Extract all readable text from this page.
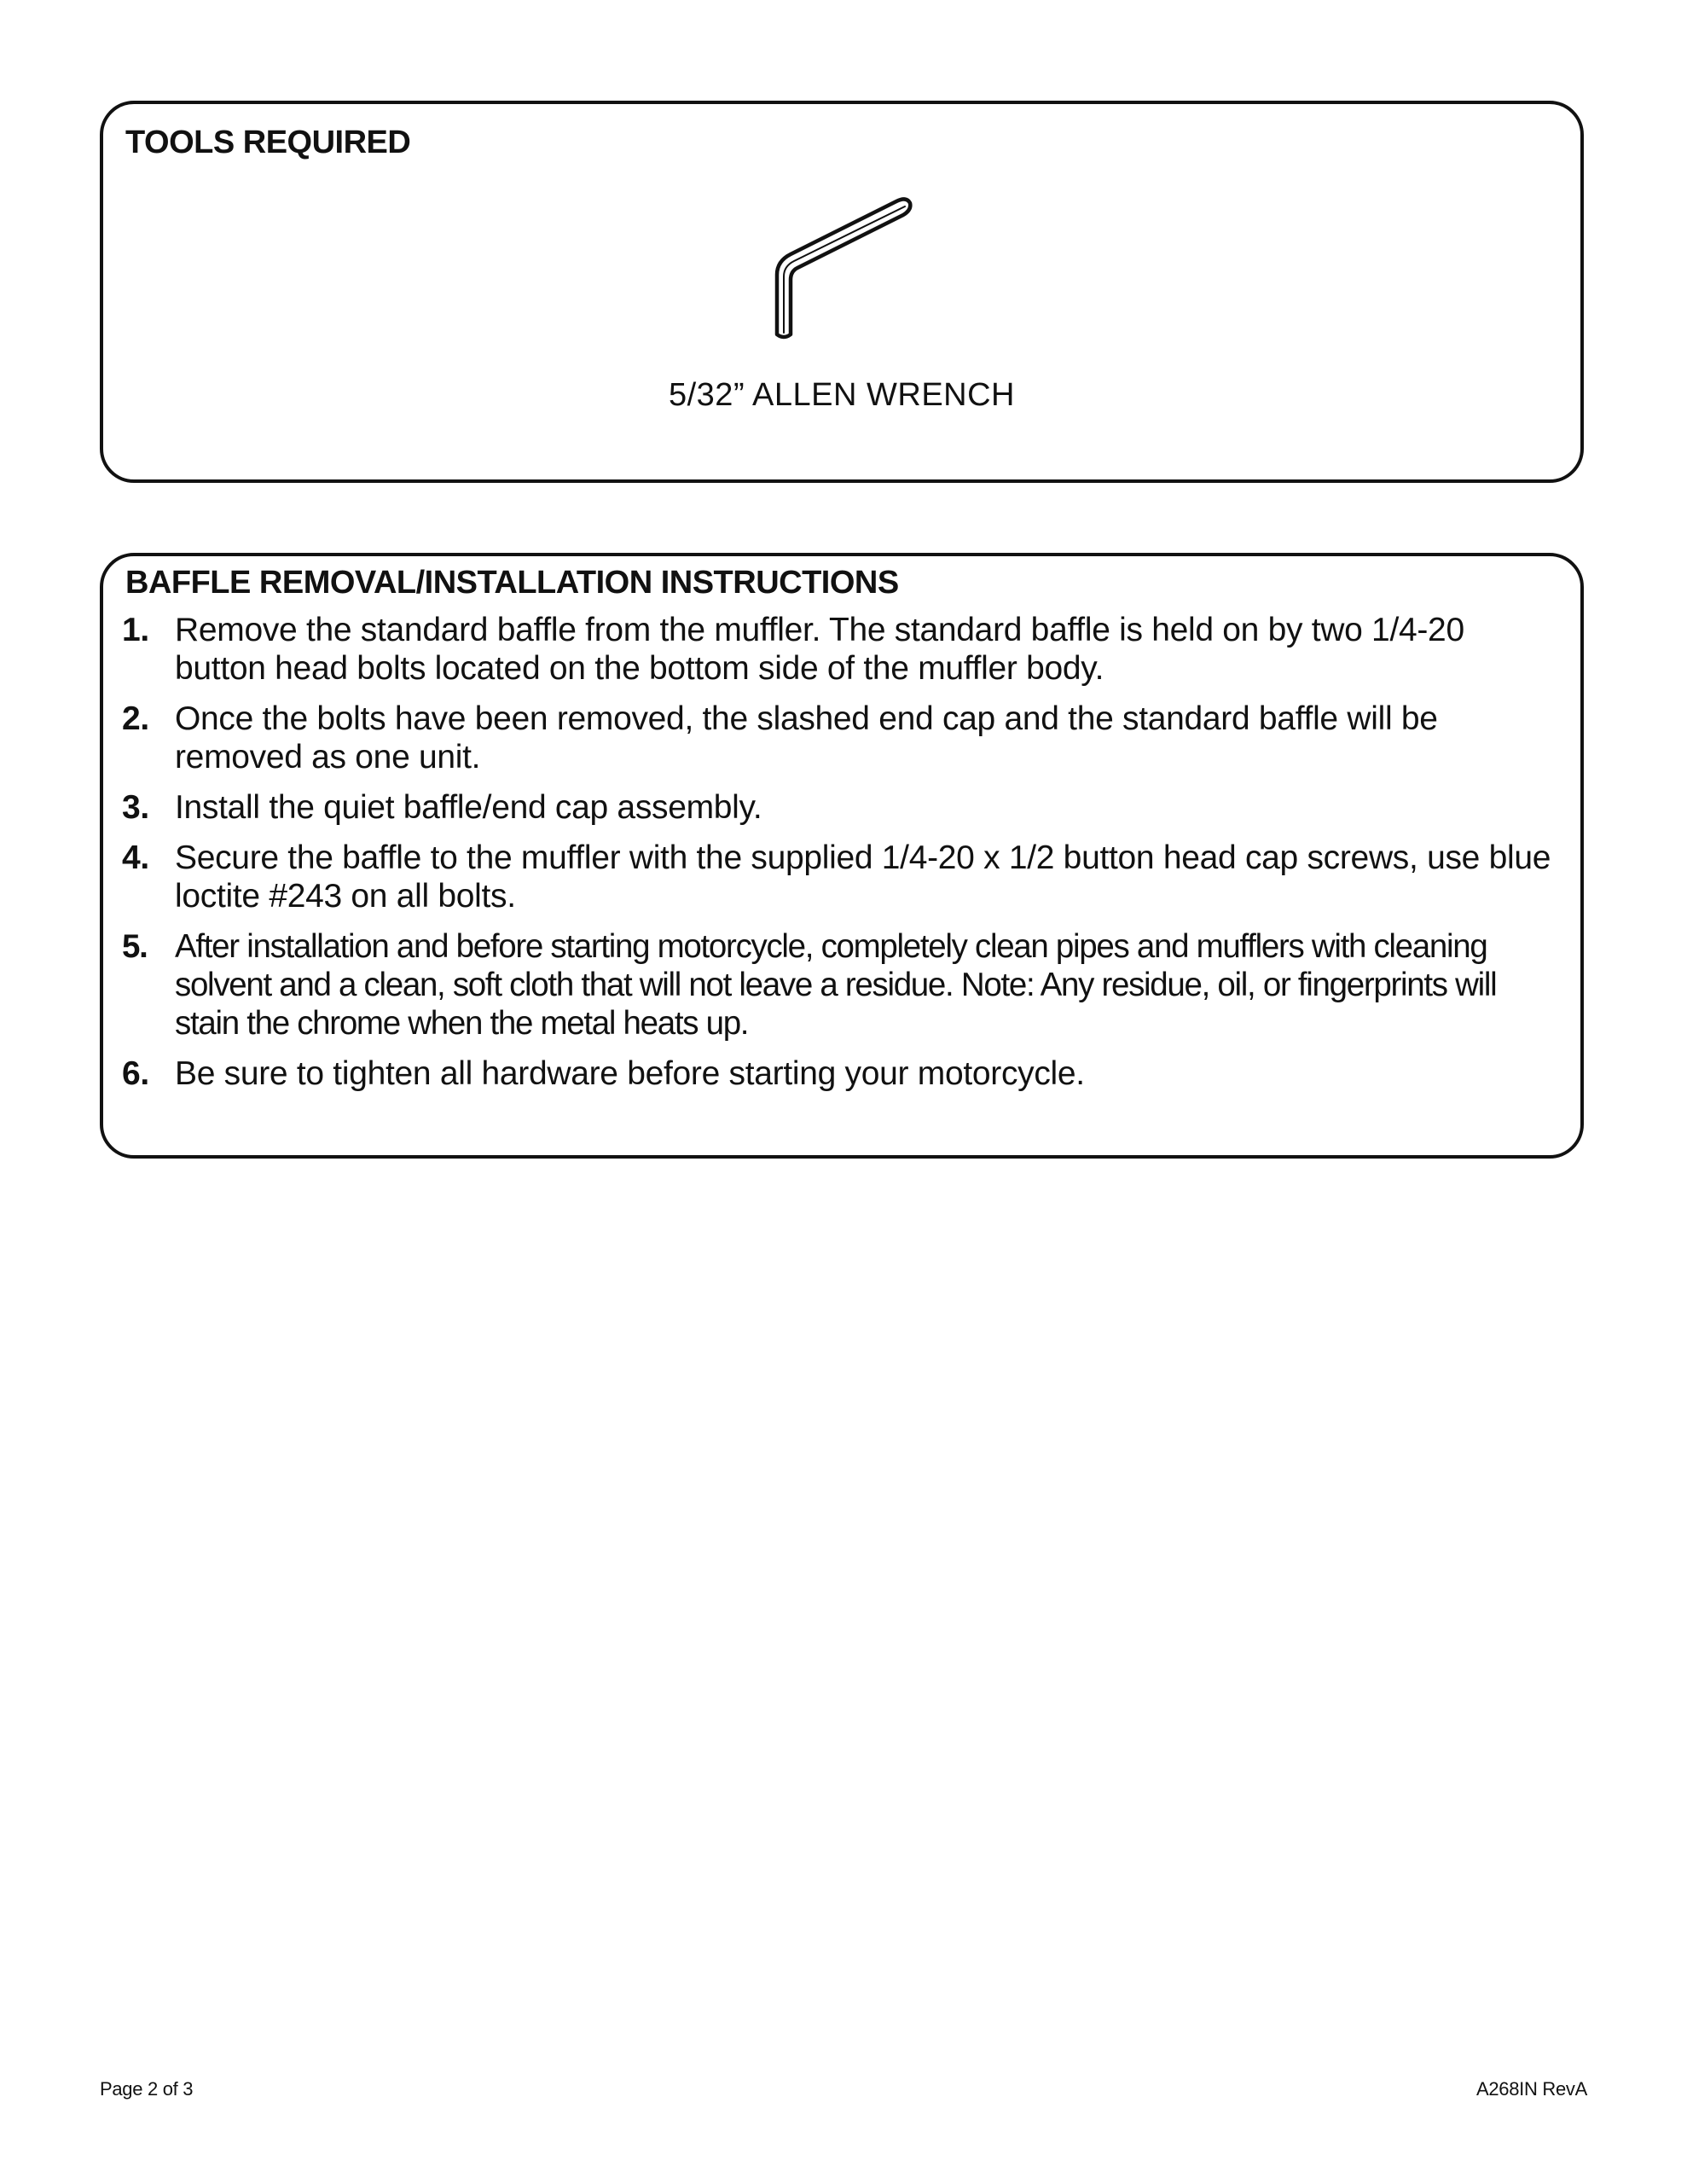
TOOLS REQUIRED
5/32” ALLEN WRENCH
BAFFLE REMOVAL/INSTALLATION INSTRUCTIONS
1. Remove the standard baffle from the muffler. The standard baffle is held on by two 1/4-20 button head bolts located on the bottom side of the muffler body.
2. Once the bolts have been removed, the slashed end cap and the standard baffle will be removed as one unit.
3. Install the quiet baffle/end cap assembly.
4. Secure the baffle to the muffler with the supplied 1/4-20 x 1/2 button head cap screws, use blue loctite #243 on all bolts.
5. After installation and before starting motorcycle, completely clean pipes and mufflers with cleaning solvent and a clean, soft cloth that will not leave a residue. Note: Any residue, oil, or fingerprints will stain the chrome when the metal heats up.
6. Be sure to tighten all hardware before starting your motorcycle.
Page 2 of 3	A268IN RevA
